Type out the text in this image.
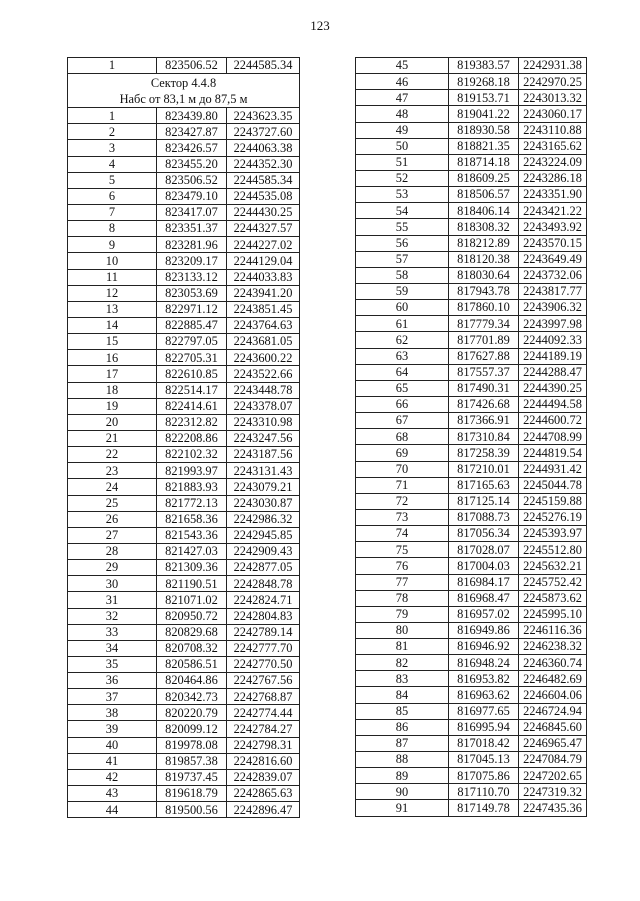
123
1	823506.52	2244585.34

Сектор 4.4.8
Набс от 83,1 м до 87,5 м		

1	823439.80	2243623.35
2	823427.87	2243727.60
3	823426.57	2244063.38
4	823455.20	2244352.30
5	823506.52	2244585.34
6	823479.10	2244535.08
7	823417.07	2244430.25
8	823351.37	2244327.57
9	823281.96	2244227.02
10	823209.17	2244129.04
11	823133.12	2244033.83
12	823053.69	2243941.20
13	822971.12	2243851.45
14	822885.47	2243764.63
15	822797.05	2243681.05
16	822705.31	2243600.22
17	822610.85	2243522.66
18	822514.17	2243448.78
19	822414.61	2243378.07
20	822312.82	2243310.98
21	822208.86	2243247.56
22	822102.32	2243187.56
23	821993.97	2243131.43
24	821883.93	2243079.21
25	821772.13	2243030.87
26	821658.36	2242986.32
27	821543.36	2242945.85
28	821427.03	2242909.43
29	821309.36	2242877.05
30	821190.51	2242848.78
31	821071.02	2242824.71
32	820950.72	2242804.83
33	820829.68	2242789.14
34	820708.32	2242777.70
35	820586.51	2242770.50
36	820464.86	2242767.56
37	820342.73	2242768.87
38	820220.79	2242774.44
39	820099.12	2242784.27
40	819978.08	2242798.31
41	819857.38	2242816.60
42	819737.45	2242839.07
43	819618.79	2242865.63
44	819500.56	2242896.47
45	819383.57	2242931.38
46	819268.18	2242970.25
47	819153.71	2243013.32
48	819041.22	2243060.17
49	818930.58	2243110.88
50	818821.35	2243165.62
51	818714.18	2243224.09
52	818609.25	2243286.18
53	818506.57	2243351.90
54	818406.14	2243421.22
55	818308.32	2243493.92
56	818212.89	2243570.15
57	818120.38	2243649.49
58	818030.64	2243732.06
59	817943.78	2243817.77
60	817860.10	2243906.32
61	817779.34	2243997.98
62	817701.89	2244092.33
63	817627.88	2244189.19
64	817557.37	2244288.47
65	817490.31	2244390.25
66	817426.68	2244494.58
67	817366.91	2244600.72
68	817310.84	2244708.99
69	817258.39	2244819.54
70	817210.01	2244931.42
71	817165.63	2245044.78
72	817125.14	2245159.88
73	817088.73	2245276.19
74	817056.34	2245393.97
75	817028.07	2245512.80
76	817004.03	2245632.21
77	816984.17	2245752.42
78	816968.47	2245873.62
79	816957.02	2245995.10
80	816949.86	2246116.36
81	816946.92	2246238.32
82	816948.24	2246360.74
83	816953.82	2246482.69
84	816963.62	2246604.06
85	816977.65	2246724.94
86	816995.94	2246845.60
87	817018.42	2246965.47
88	817045.13	2247084.79
89	817075.86	2247202.65
90	817110.70	2247319.32
91	817149.78	2247435.36
